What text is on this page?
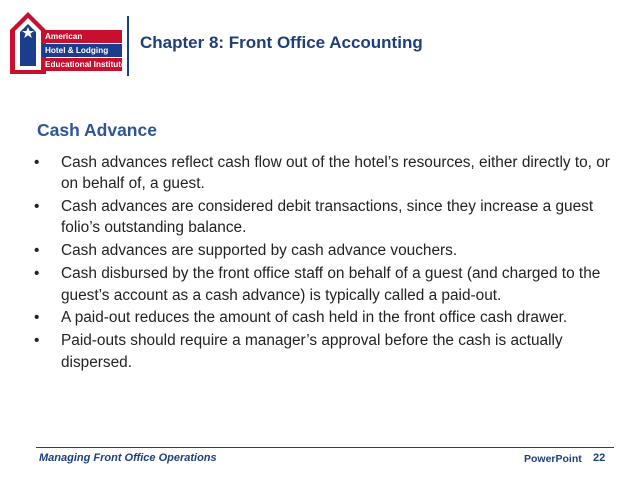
American
Hotel & Lodging
Educational Institute
Chapter 8: Front Office Accounting
Cash Advance
• Cash advances reflect cash flow out of the hotel’s resources, either directly to, or on behalf of, a guest.
• Cash advances are considered debit transactions, since they increase a guest folio’s outstanding balance.
• Cash advances are supported by cash advance vouchers.
• Cash disbursed by the front office staff on behalf of a guest (and charged to the guest’s account as a cash advance) is typically called a paid-out.
• A paid-out reduces the amount of cash held in the front office cash drawer.
• Paid-outs should require a manager’s approval before the cash is actually dispersed.
Managing Front Office Operations	PowerPoint 22
